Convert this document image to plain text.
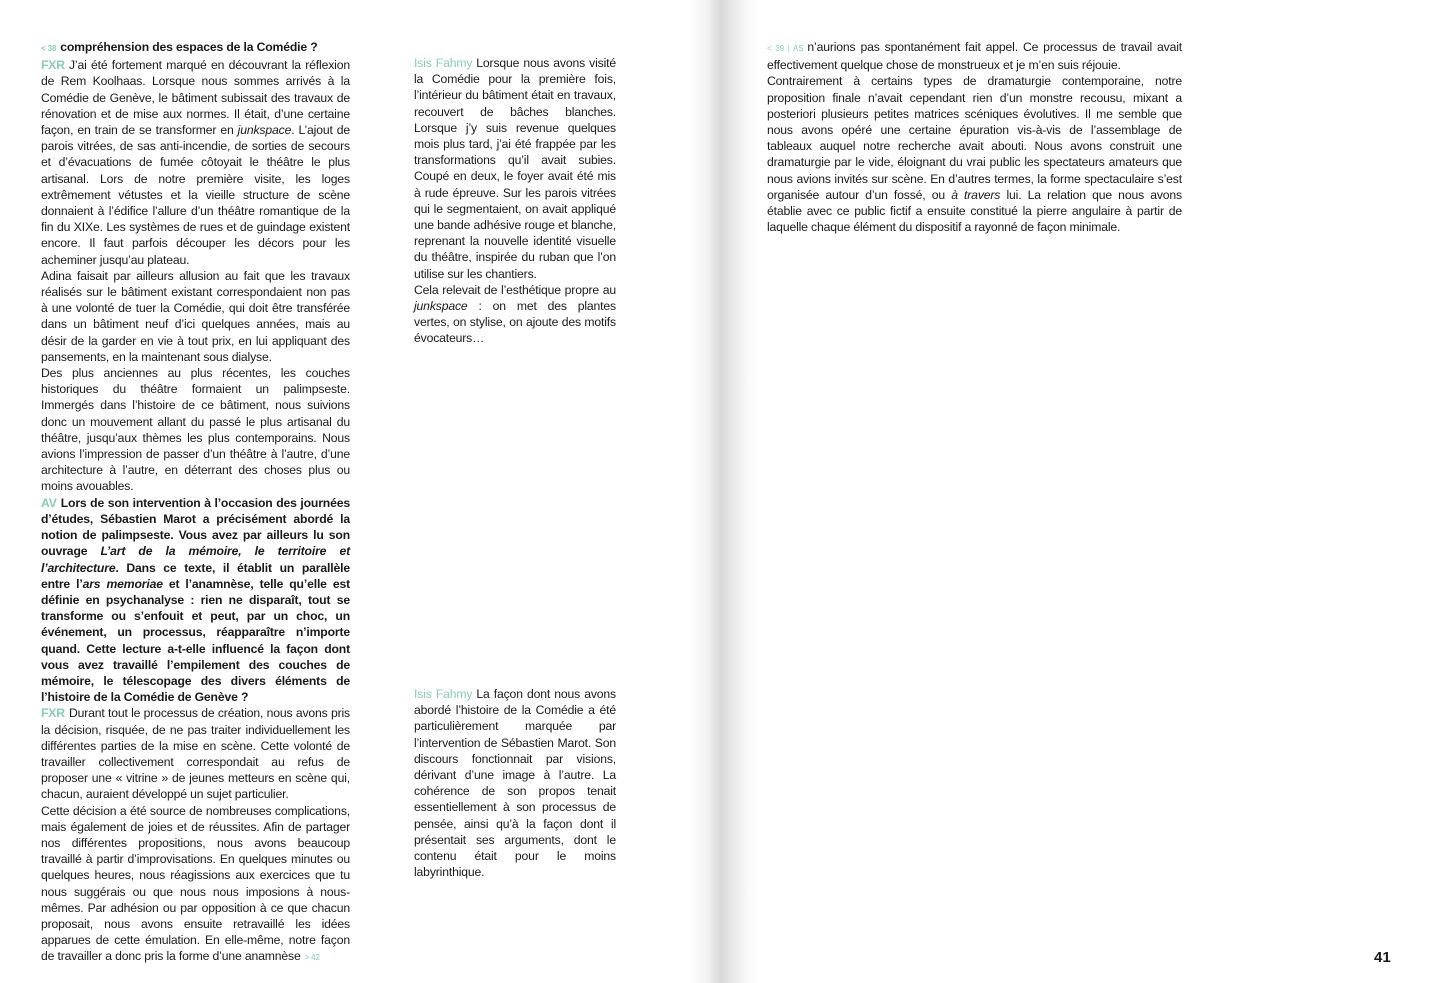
< 38 compréhension des espaces de la Comédie ?

FXR J’ai été fortement marqué en découvrant la réflexion de Rem Koolhaas. Lorsque nous sommes arrivés à la Comédie de Genève, le bâtiment subissait des travaux de rénovation et de mise aux normes. Il était, d’une certaine façon, en train de se transformer en junkspace. L’ajout de parois vitrées, de sas anti-incendie, de sorties de secours et d’évacuations de fumée côtoyait le théâtre le plus artisanal. Lors de notre première visite, les loges extrêmement vétustes et la vieille structure de scène donnaient à l’édifice l’allure d’un théâtre romantique de la fin du XIXe. Les systèmes de rues et de guindage existent encore. Il faut parfois découper les décors pour les acheminer jusqu’au plateau.

Adina faisait par ailleurs allusion au fait que les travaux réalisés sur le bâtiment existant correspondaient non pas à une volonté de tuer la Comédie, qui doit être transférée dans un bâtiment neuf d’ici quelques années, mais au désir de la garder en vie à tout prix, en lui appliquant des pansements, en la maintenant sous dialyse.

Des plus anciennes au plus récentes, les couches historiques du théâtre formaient un palimpseste. Immergés dans l’histoire de ce bâtiment, nous suivions donc un mouvement allant du passé le plus artisanal du théâtre, jusqu’aux thèmes les plus contemporains. Nous avions l’impression de passer d’un théâtre à l’autre, d’une architecture à l’autre, en déterrant des choses plus ou moins avouables.

AV Lors de son intervention à l’occasion des journées d’études, Sébastien Marot a précisément abordé la notion de palimpseste. Vous avez par ailleurs lu son ouvrage L’art de la mémoire, le territoire et l’architecture. Dans ce texte, il établit un parallèle entre l’ars memoriae et l’anamnèse, telle qu’elle est définie en psychanalyse : rien ne disparaît, tout se transforme ou s’enfouit et peut, par un choc, un événement, un processus, réapparaître n’importe quand. Cette lecture a-t-elle influencé la façon dont vous avez travaillé l’empilement des couches de mémoire, le télescopage des divers éléments de l’histoire de la Comédie de Genève ?

FXR Durant tout le processus de création, nous avons pris la décision, risquée, de ne pas traiter individuellement les différentes parties de la mise en scène. Cette volonté de travailler collectivement correspondait au refus de proposer une « vitrine » de jeunes metteurs en scène qui, chacun, auraient développé un sujet particulier.

Cette décision a été source de nombreuses complications, mais également de joies et de réussites. Afin de partager nos différentes propositions, nous avons beaucoup travaillé à partir d’improvisations. En quelques minutes ou quelques heures, nous réagissions aux exercices que tu nous suggérais ou que nous nous imposions à nous-mêmes. Par adhésion ou par opposition à ce que chacun proposait, nous avons ensuite retravaillé les idées apparues de cette émulation. En elle-même, notre façon de travailler a donc pris la forme d’une anamnèse > 42

Isis Fahmy Lorsque nous avons visité la Comédie pour la première fois, l’intérieur du bâtiment était en travaux, recouvert de bâches blanches. Lorsque j’y suis revenue quelques mois plus tard, j’ai été frappée par les transformations qu’il avait subies. Coupé en deux, le foyer avait été mis à rude épreuve. Sur les parois vitrées qui le segmentaient, on avait appliqué une bande adhésive rouge et blanche, reprenant la nouvelle identité visuelle du théâtre, inspirée du ruban que l’on utilise sur les chantiers.

Cela relevait de l’esthétique propre au junkspace : on met des plantes vertes, on stylise, on ajoute des motifs évocateurs…

Isis Fahmy La façon dont nous avons abordé l’histoire de la Comédie a été particulièrement marquée par l’intervention de Sébastien Marot. Son discours fonctionnait par visions, dérivant d’une image à l’autre. La cohérence de son propos tenait essentiellement à son processus de pensée, ainsi qu’à la façon dont il présentait ses arguments, dont le contenu était pour le moins labyrinthique.

< 39 | AS n’aurions pas spontanément fait appel. Ce processus de travail avait effectivement quelque chose de monstrueux et je m’en suis réjouie.

Contrairement à certains types de dramaturgie contemporaine, notre proposition finale n’avait cependant rien d’un monstre recousu, mixant a posteriori plusieurs petites matrices scéniques évolutives. Il me semble que nous avons opéré une certaine épuration vis-à-vis de l’assemblage de tableaux auquel notre recherche avait abouti. Nous avons construit une dramaturgie par le vide, éloignant du vrai public les spectateurs amateurs que nous avions invités sur scène. En d’autres termes, la forme spectaculaire s’est organisée autour d’un fossé, ou à travers lui. La relation que nous avons établie avec ce public fictif a ensuite constitué la pierre angulaire à partir de laquelle chaque élément du dispositif a rayonné de façon minimale.

41
